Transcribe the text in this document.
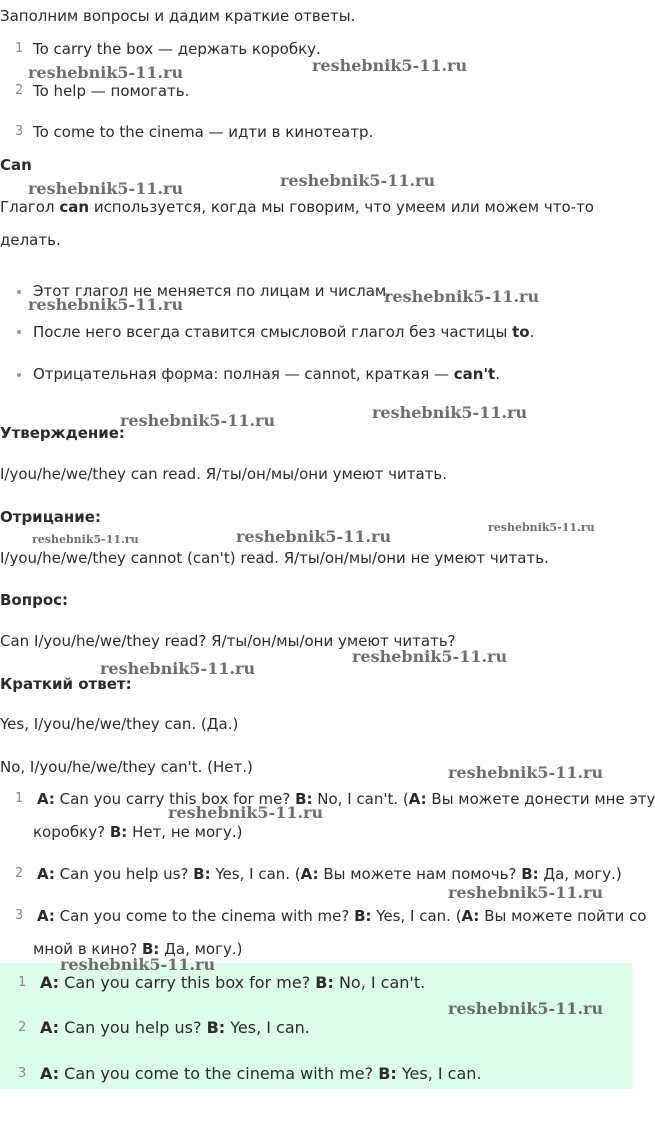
Заполним вопросы и дадим краткие ответы.
1 To carry the box — держать коробку.
2 To help — помогать.
3 To come to the cinema — идти в кинотеатр.
Can
Глагол can используется, когда мы говорим, что умеем или можем что-то
делать.
Этот глагол не меняется по лицам и числам.
После него всегда ставится смысловой глагол без частицы to.
Отрицательная форма: полная — cannot, краткая — can't.
Утверждение:
I/you/he/we/they can read. Я/ты/он/мы/они умеют читать.
Отрицание:
I/you/he/we/they cannot (can't) read. Я/ты/он/мы/они не умеют читать.
Вопрос:
Can I/you/he/we/they read? Я/ты/он/мы/они умеют читать?
Краткий ответ:
Yes, I/you/he/we/they can. (Да.)
No, I/you/he/we/they can't. (Нет.)
1 A: Can you carry this box for me? B: No, I can't. (A: Вы можете донести мне эту
коробку? B: Нет, не могу.)
2 A: Can you help us? B: Yes, I can. (A: Вы можете нам помочь? B: Да, могу.)
3 A: Can you come to the cinema with me? B: Yes, I can. (A: Вы можете пойти со
мной в кино? B: Да, могу.)
1 A: Can you carry this box for me? B: No, I can't.
2 A: Can you help us? B: Yes, I can.
3 A: Can you come to the cinema with me? B: Yes, I can.
reshebnik5-11.ru	reshebnik5-11.ru
reshebnik5-11.ru	reshebnik5-11.ru
reshebnik5-11.ru	reshebnik5-11.ru
reshebnik5-11.ru	reshebnik5-11.ru
reshebnik5-11.ru	reshebnik5-11.ru	reshebnik5-11.ru
reshebnik5-11.ru
reshebnik5-11.ru
reshebnik5-11.ru
reshebnik5-11.ru
reshebnik5-11.ru
reshebnik5-11.ru
reshebnik5-11.ru
